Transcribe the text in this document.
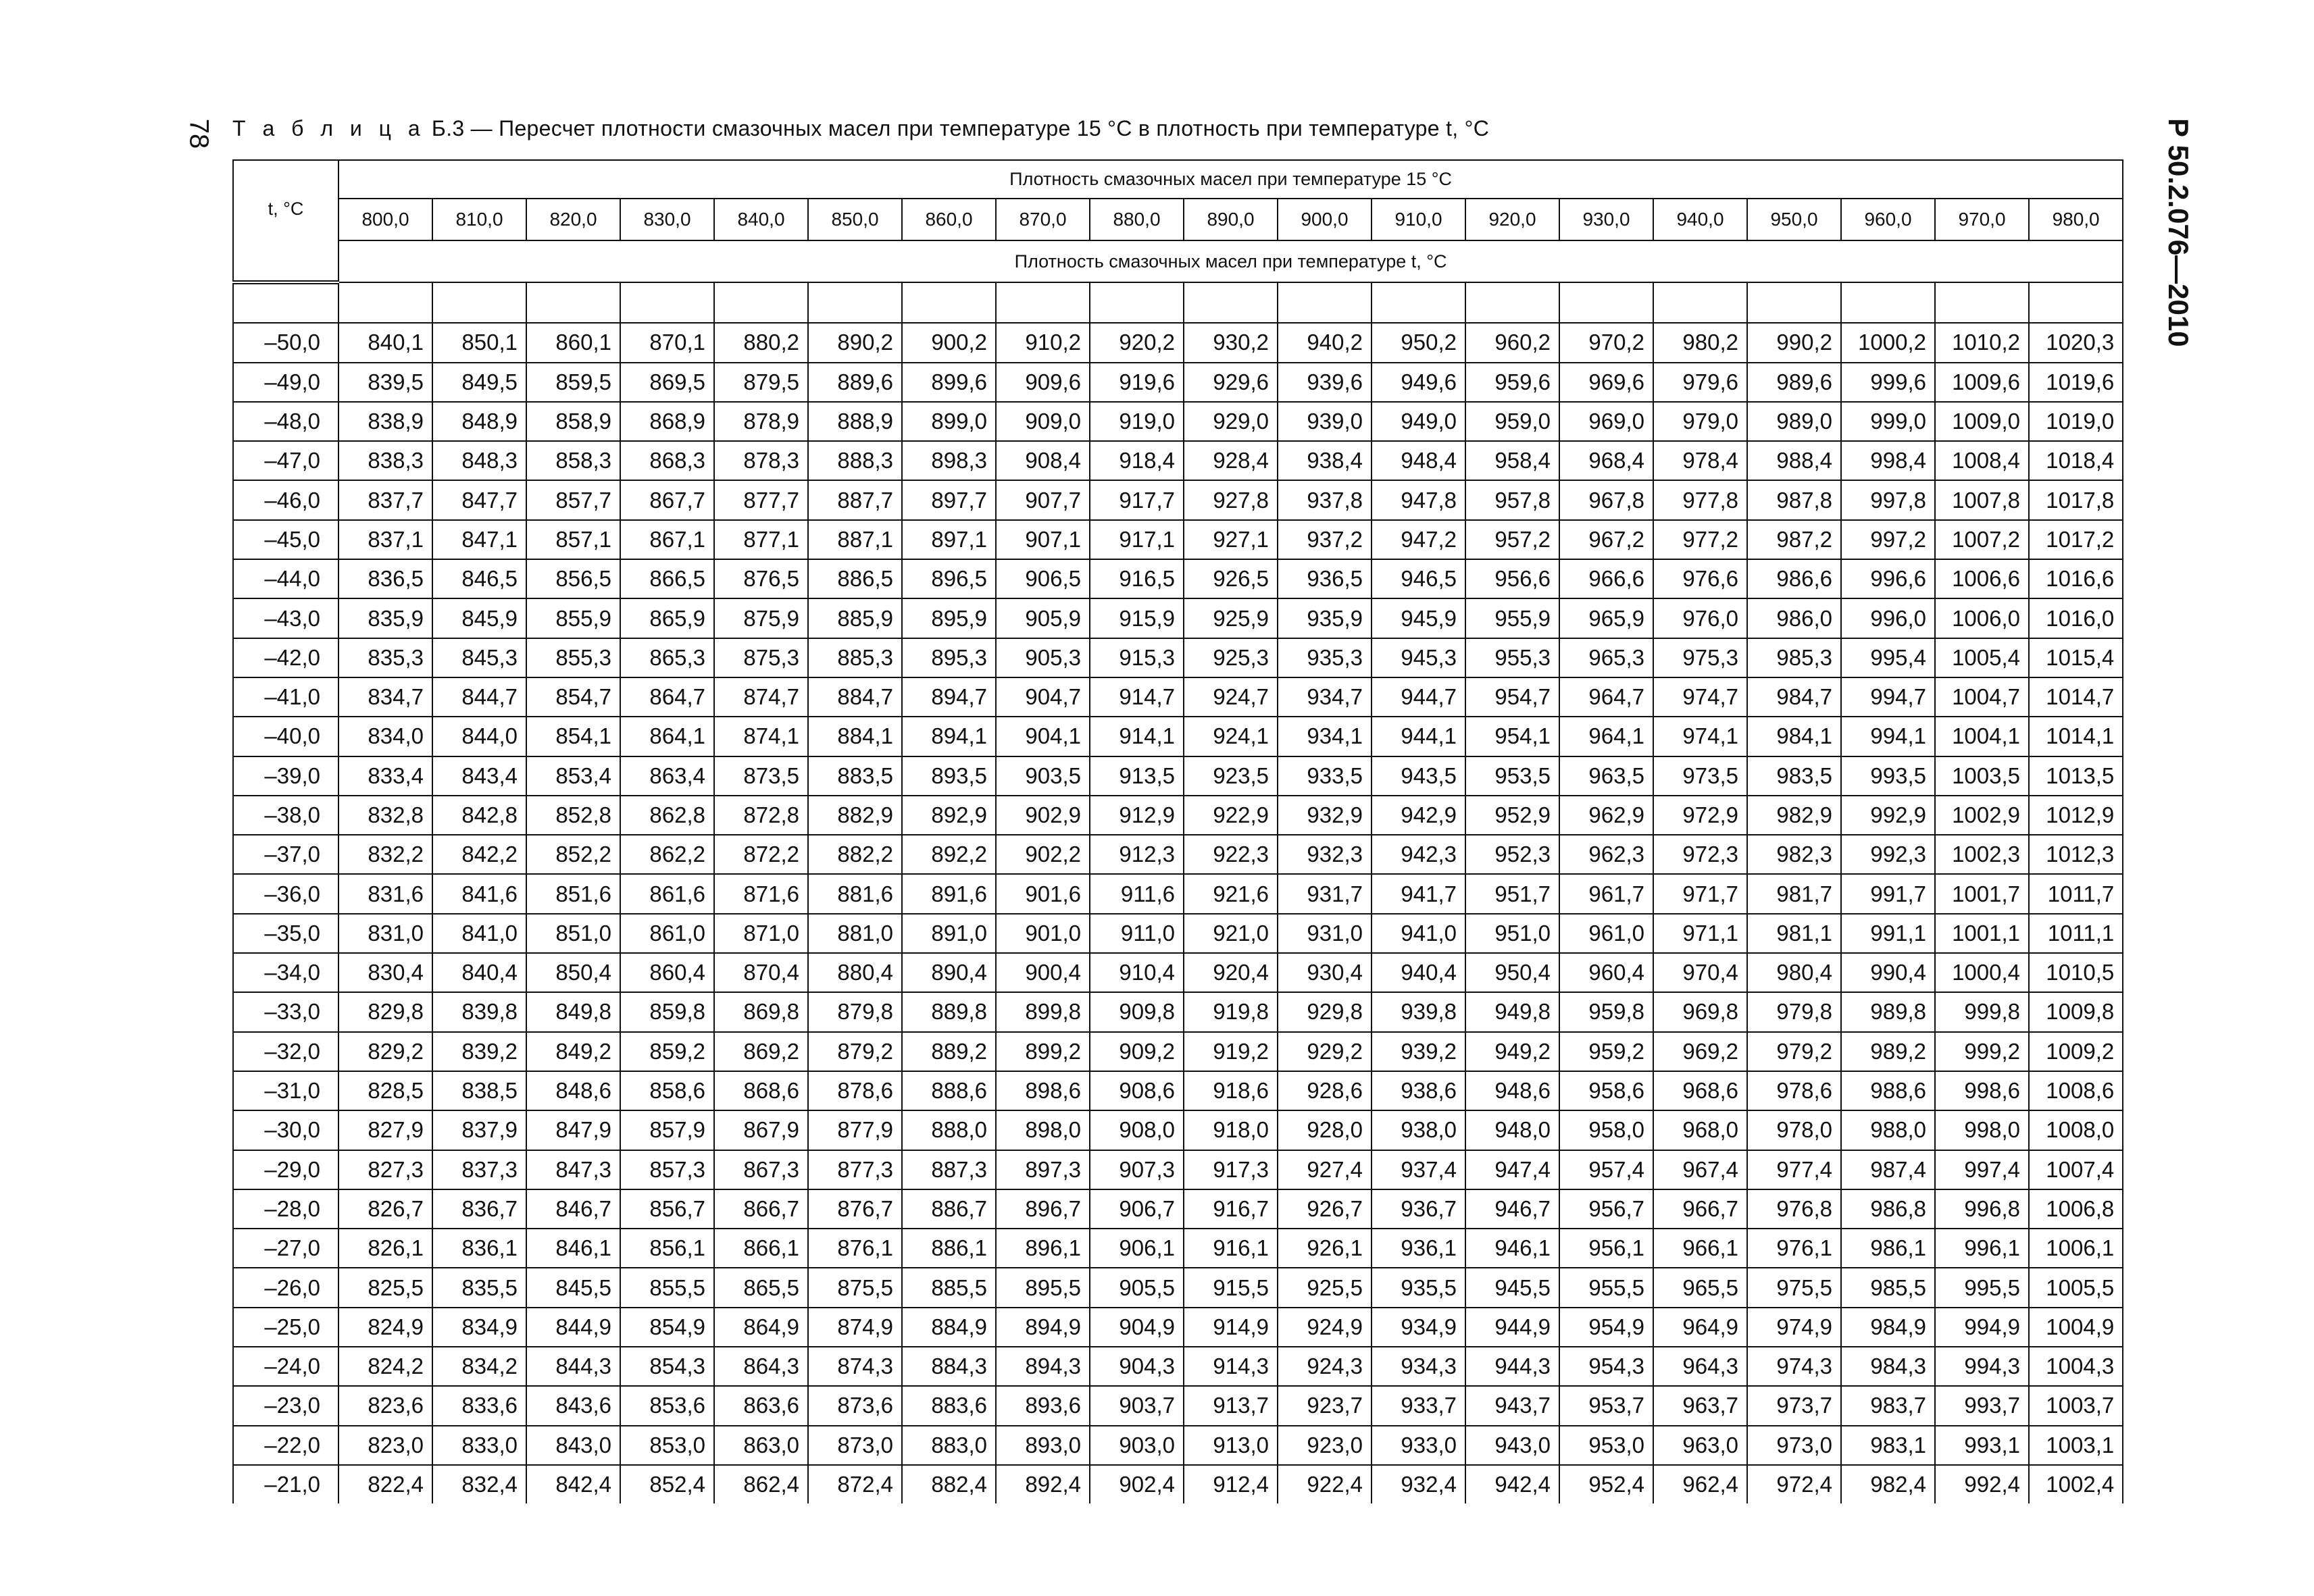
78 Т а б л и ц а Б.3 — Пересчет плотности смазочных масел при температуре 15 °С в плотность при температуре t, °С	Р 50.2.076—2010
t, °С	Плотность смазочных масел при температуре 15 °С																		
	800,0	810,0	820,0	830,0	840,0	850,0	860,0	870,0	880,0	890,0	900,0	910,0	920,0	930,0	940,0	950,0	960,0	970,0	980,0
	Плотность смазочных масел при температуре t, °С																		

–50,0	840,1	850,1	860,1	870,1	880,2	890,2	900,2	910,2	920,2	930,2	940,2	950,2	960,2	970,2	980,2	990,2	1000,2	1010,2	1020,3
–49,0	839,5	849,5	859,5	869,5	879,5	889,6	899,6	909,6	919,6	929,6	939,6	949,6	959,6	969,6	979,6	989,6	999,6	1009,6	1019,6
–48,0	838,9	848,9	858,9	868,9	878,9	888,9	899,0	909,0	919,0	929,0	939,0	949,0	959,0	969,0	979,0	989,0	999,0	1009,0	1019,0
–47,0	838,3	848,3	858,3	868,3	878,3	888,3	898,3	908,4	918,4	928,4	938,4	948,4	958,4	968,4	978,4	988,4	998,4	1008,4	1018,4
–46,0	837,7	847,7	857,7	867,7	877,7	887,7	897,7	907,7	917,7	927,8	937,8	947,8	957,8	967,8	977,8	987,8	997,8	1007,8	1017,8
–45,0	837,1	847,1	857,1	867,1	877,1	887,1	897,1	907,1	917,1	927,1	937,2	947,2	957,2	967,2	977,2	987,2	997,2	1007,2	1017,2
–44,0	836,5	846,5	856,5	866,5	876,5	886,5	896,5	906,5	916,5	926,5	936,5	946,5	956,6	966,6	976,6	986,6	996,6	1006,6	1016,6
–43,0	835,9	845,9	855,9	865,9	875,9	885,9	895,9	905,9	915,9	925,9	935,9	945,9	955,9	965,9	976,0	986,0	996,0	1006,0	1016,0
–42,0	835,3	845,3	855,3	865,3	875,3	885,3	895,3	905,3	915,3	925,3	935,3	945,3	955,3	965,3	975,3	985,3	995,4	1005,4	1015,4
–41,0	834,7	844,7	854,7	864,7	874,7	884,7	894,7	904,7	914,7	924,7	934,7	944,7	954,7	964,7	974,7	984,7	994,7	1004,7	1014,7
–40,0	834,0	844,0	854,1	864,1	874,1	884,1	894,1	904,1	914,1	924,1	934,1	944,1	954,1	964,1	974,1	984,1	994,1	1004,1	1014,1
–39,0	833,4	843,4	853,4	863,4	873,5	883,5	893,5	903,5	913,5	923,5	933,5	943,5	953,5	963,5	973,5	983,5	993,5	1003,5	1013,5
–38,0	832,8	842,8	852,8	862,8	872,8	882,9	892,9	902,9	912,9	922,9	932,9	942,9	952,9	962,9	972,9	982,9	992,9	1002,9	1012,9
–37,0	832,2	842,2	852,2	862,2	872,2	882,2	892,2	902,2	912,3	922,3	932,3	942,3	952,3	962,3	972,3	982,3	992,3	1002,3	1012,3
–36,0	831,6	841,6	851,6	861,6	871,6	881,6	891,6	901,6	911,6	921,6	931,7	941,7	951,7	961,7	971,7	981,7	991,7	1001,7	1011,7
–35,0	831,0	841,0	851,0	861,0	871,0	881,0	891,0	901,0	911,0	921,0	931,0	941,0	951,0	961,0	971,1	981,1	991,1	1001,1	1011,1
–34,0	830,4	840,4	850,4	860,4	870,4	880,4	890,4	900,4	910,4	920,4	930,4	940,4	950,4	960,4	970,4	980,4	990,4	1000,4	1010,5
–33,0	829,8	839,8	849,8	859,8	869,8	879,8	889,8	899,8	909,8	919,8	929,8	939,8	949,8	959,8	969,8	979,8	989,8	999,8	1009,8
–32,0	829,2	839,2	849,2	859,2	869,2	879,2	889,2	899,2	909,2	919,2	929,2	939,2	949,2	959,2	969,2	979,2	989,2	999,2	1009,2
–31,0	828,5	838,5	848,6	858,6	868,6	878,6	888,6	898,6	908,6	918,6	928,6	938,6	948,6	958,6	968,6	978,6	988,6	998,6	1008,6
–30,0	827,9	837,9	847,9	857,9	867,9	877,9	888,0	898,0	908,0	918,0	928,0	938,0	948,0	958,0	968,0	978,0	988,0	998,0	1008,0
–29,0	827,3	837,3	847,3	857,3	867,3	877,3	887,3	897,3	907,3	917,3	927,4	937,4	947,4	957,4	967,4	977,4	987,4	997,4	1007,4
–28,0	826,7	836,7	846,7	856,7	866,7	876,7	886,7	896,7	906,7	916,7	926,7	936,7	946,7	956,7	966,7	976,8	986,8	996,8	1006,8
–27,0	826,1	836,1	846,1	856,1	866,1	876,1	886,1	896,1	906,1	916,1	926,1	936,1	946,1	956,1	966,1	976,1	986,1	996,1	1006,1
–26,0	825,5	835,5	845,5	855,5	865,5	875,5	885,5	895,5	905,5	915,5	925,5	935,5	945,5	955,5	965,5	975,5	985,5	995,5	1005,5
–25,0	824,9	834,9	844,9	854,9	864,9	874,9	884,9	894,9	904,9	914,9	924,9	934,9	944,9	954,9	964,9	974,9	984,9	994,9	1004,9
–24,0	824,2	834,2	844,3	854,3	864,3	874,3	884,3	894,3	904,3	914,3	924,3	934,3	944,3	954,3	964,3	974,3	984,3	994,3	1004,3
–23,0	823,6	833,6	843,6	853,6	863,6	873,6	883,6	893,6	903,7	913,7	923,7	933,7	943,7	953,7	963,7	973,7	983,7	993,7	1003,7
–22,0	823,0	833,0	843,0	853,0	863,0	873,0	883,0	893,0	903,0	913,0	923,0	933,0	943,0	953,0	963,0	973,0	983,1	993,1	1003,1
–21,0	822,4	832,4	842,4	852,4	862,4	872,4	882,4	892,4	902,4	912,4	922,4	932,4	942,4	952,4	962,4	972,4	982,4	992,4	1002,4
